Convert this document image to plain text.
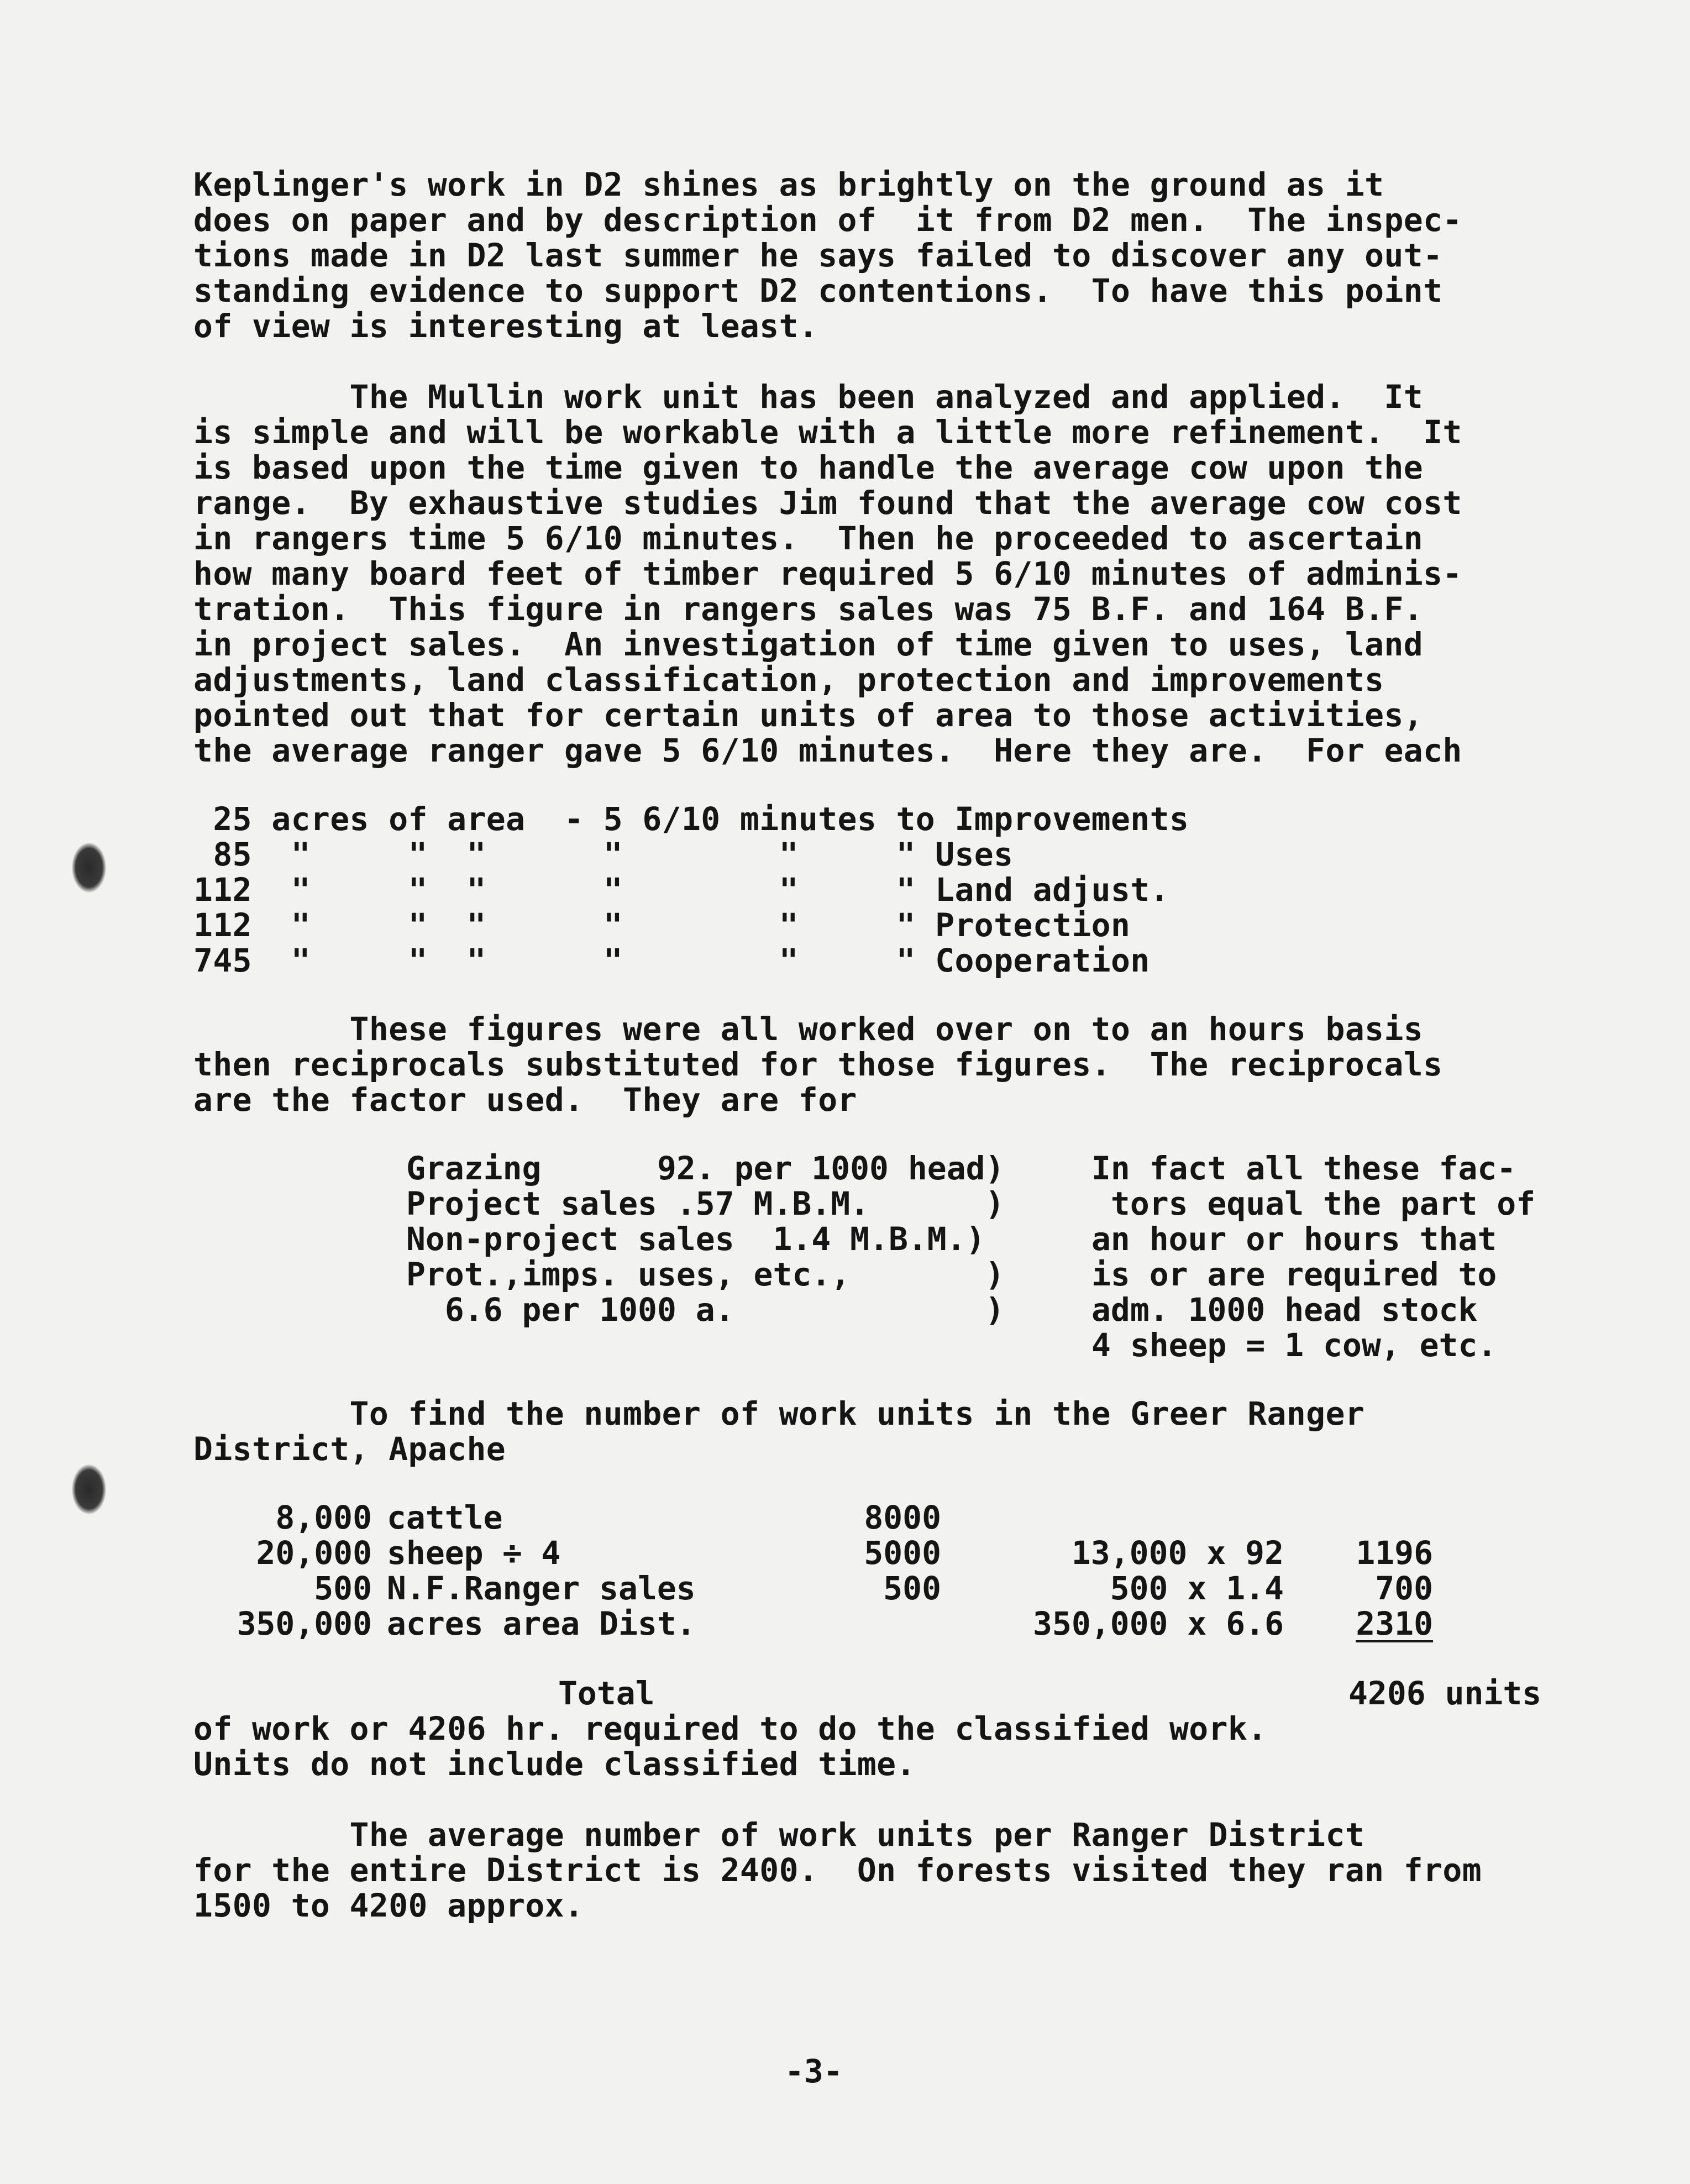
Keplinger's work in D2 shines as brightly on the ground as it
does on paper and by description of  it from D2 men.  The inspec-
tions made in D2 last summer he says failed to discover any out-
standing evidence to support D2 contentions.  To have this point
of view is interesting at least.
The Mullin work unit has been analyzed and applied.  It
is simple and will be workable with a little more refinement.  It
is based upon the time given to handle the average cow upon the
range.  By exhaustive studies Jim found that the average cow cost
in rangers time 5 6/10 minutes.  Then he proceeded to ascertain
how many board feet of timber required 5 6/10 minutes of adminis-
tration.  This figure in rangers sales was 75 B.F. and 164 B.F.
in project sales.  An investigation of time given to uses, land
adjustments, land classification, protection and improvements
pointed out that for certain units of area to those activities,
the average ranger gave 5 6/10 minutes.  Here they are.  For each
25 acres of area  - 5 6/10 minutes to Improvements
85  "     "  "      "        "     " Uses
112  "     "  "      "        "     " Land adjust.
112  "     "  "      "        "     " Protection
745  "     "  "      "        "     " Cooperation
These figures were all worked over on to an hours basis
then reciprocals substituted for those figures.  The reciprocals
are the factor used.  They are for
Grazing      92. per 1000 head)
Project sales .57 M.B.M.      )
Non-project sales  1.4 M.B.M.)
Prot.,imps. uses, etc.,       )
6.6 per 1000 a.             )
In fact all these fac-
tors equal the part of
an hour or hours that
is or are required to
adm. 1000 head stock
4 sheep = 1 cow, etc.
To find the number of work units in the Greer Ranger
District, Apache
8,000 cattle	8000
20,000 sheep ÷ 4	5000	13,000 x 92 1196
500 N.F.Ranger sales	500	500 x 1.4	700
350,000 acres area Dist.	350,000 x 6.6 2310
Total	4206 units
of work or 4206 hr. required to do the classified work.
Units do not include classified time.
The average number of work units per Ranger District
for the entire District is 2400.  On forests visited they ran from
1500 to 4200 approx.
-3-
